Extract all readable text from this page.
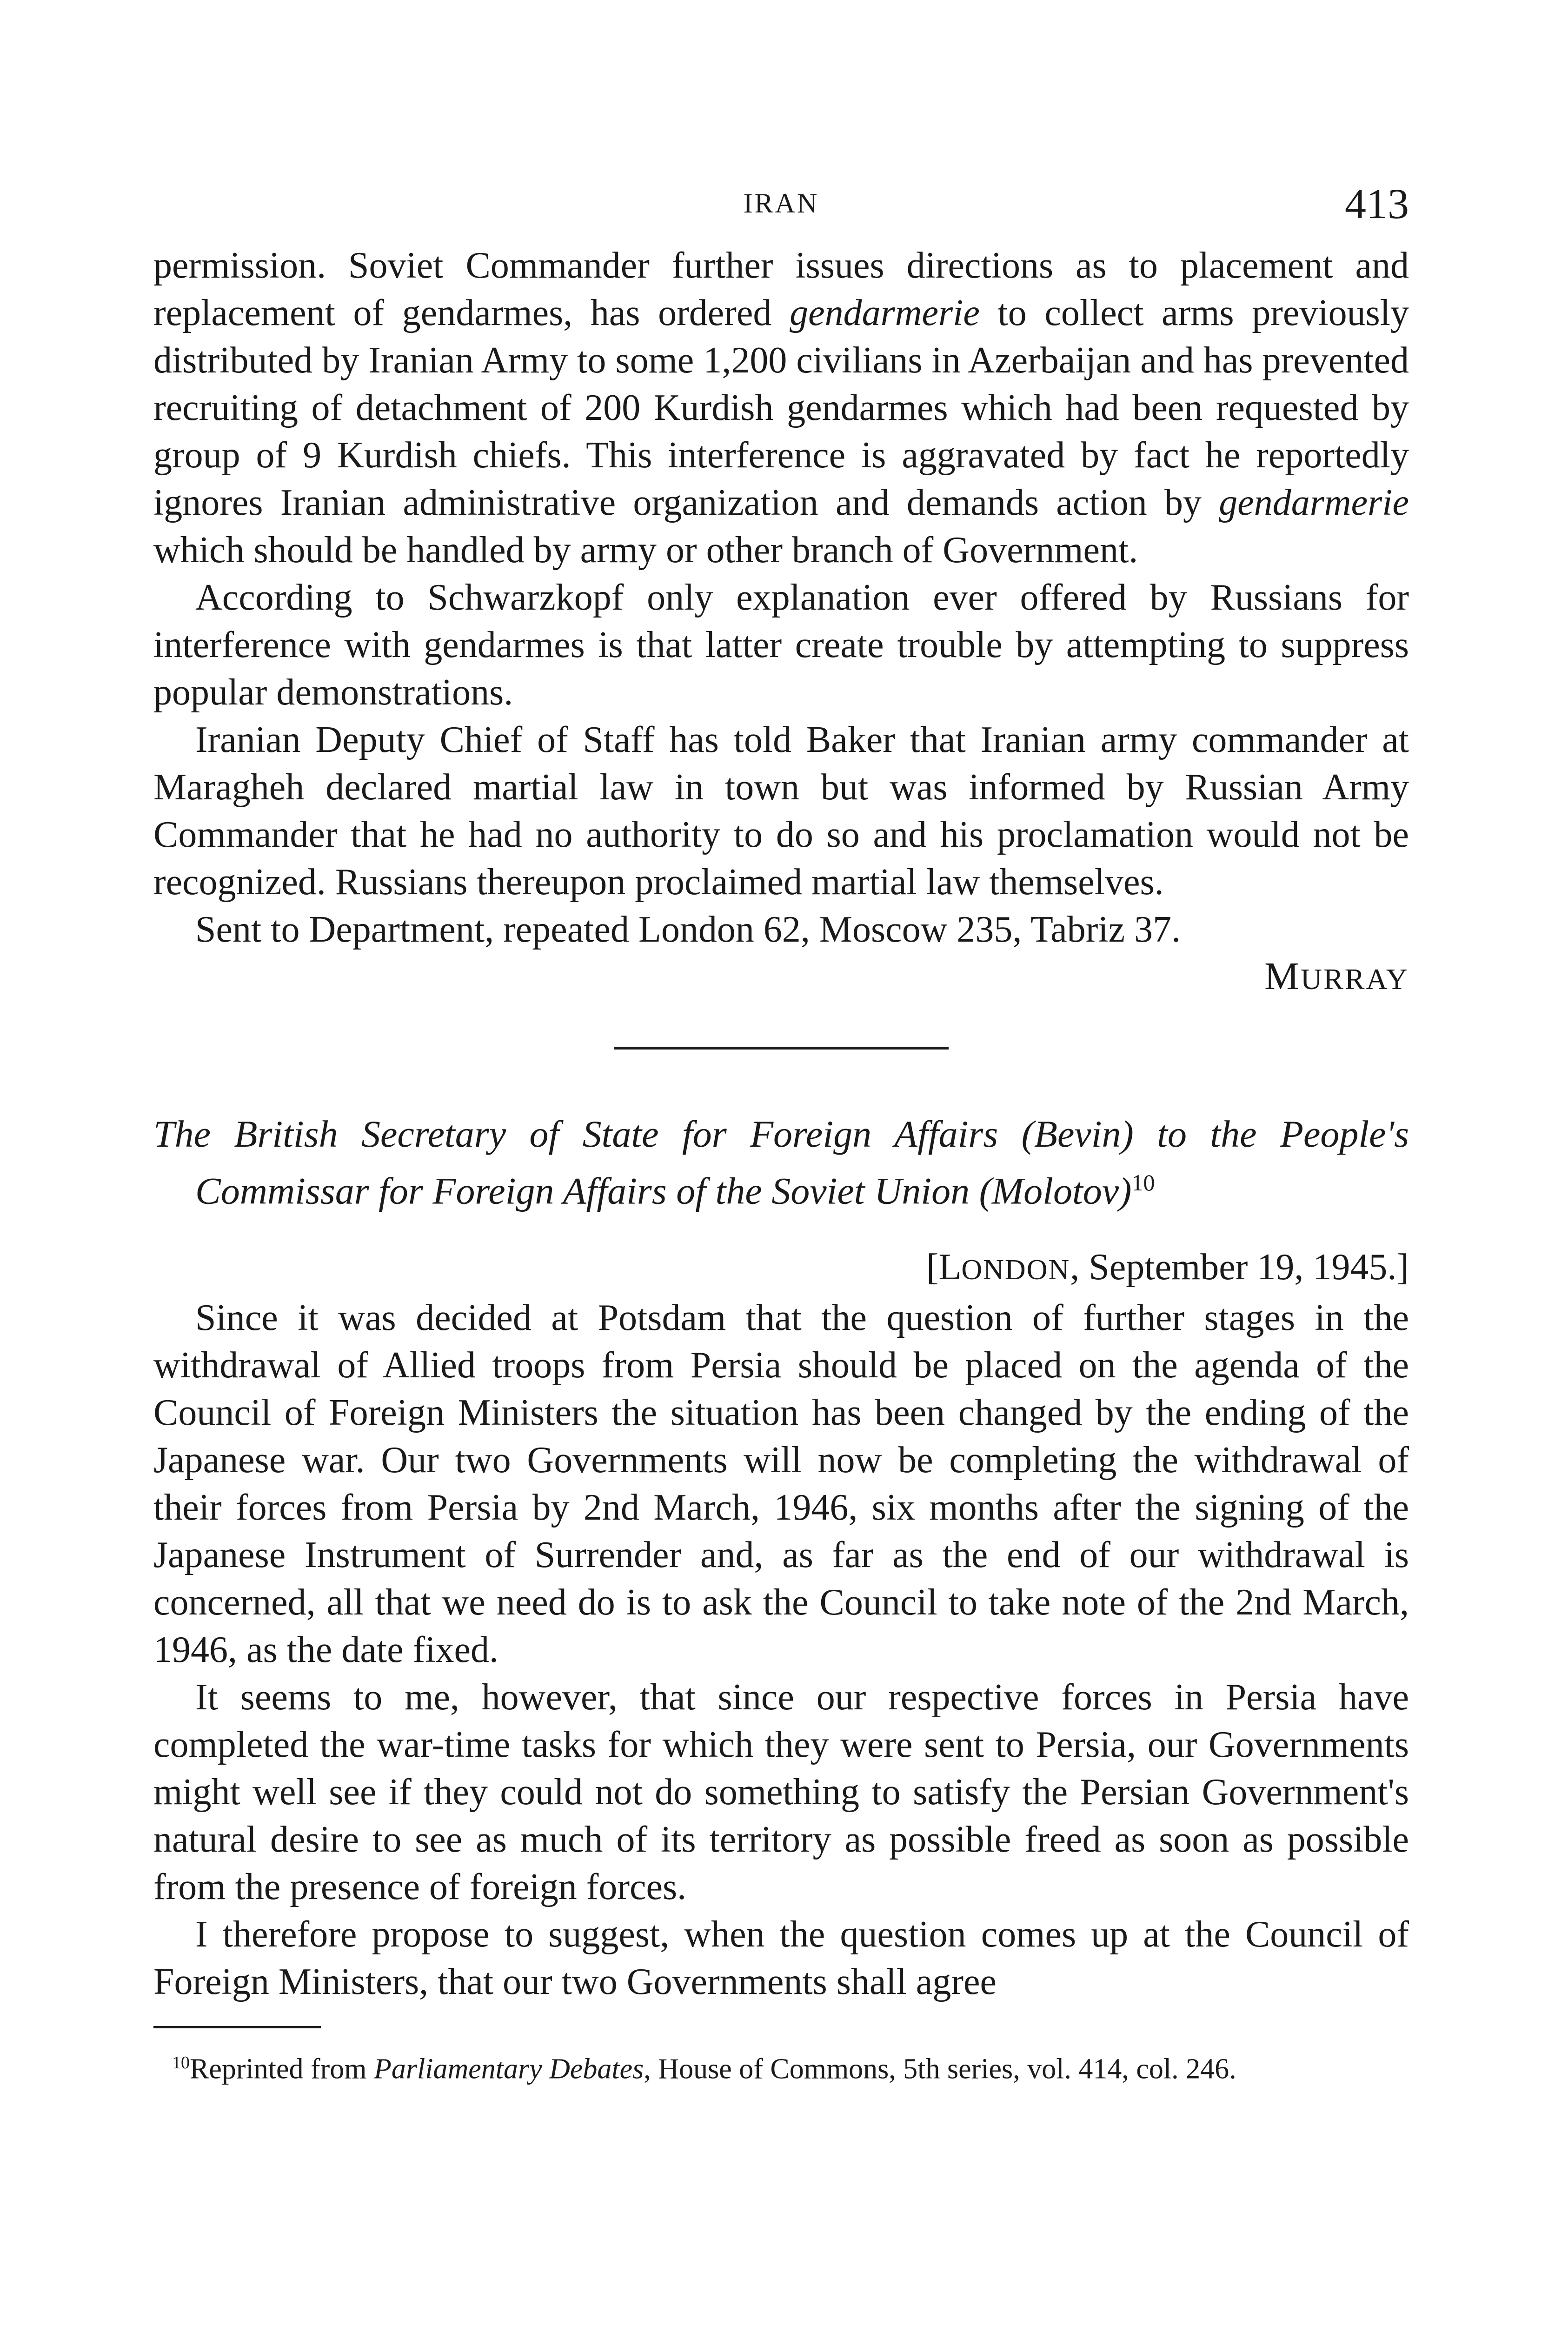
IRAN	413

permission. Soviet Commander further issues directions as to placement and replacement of gendarmes, has ordered gendarmerie to collect arms previously distributed by Iranian Army to some 1,200 civilians in Azerbaijan and has prevented recruiting of detachment of 200 Kurdish gendarmes which had been requested by group of 9 Kurdish chiefs. This interference is aggravated by fact he reportedly ignores Iranian administrative organization and demands action by gendarmerie which should be handled by army or other branch of Government.

According to Schwarzkopf only explanation ever offered by Russians for interference with gendarmes is that latter create trouble by attempting to suppress popular demonstrations.

Iranian Deputy Chief of Staff has told Baker that Iranian army commander at Maragheh declared martial law in town but was informed by Russian Army Commander that he had no authority to do so and his proclamation would not be recognized. Russians thereupon proclaimed martial law themselves.

Sent to Department, repeated London 62, Moscow 235, Tabriz 37.

MURRAY

The British Secretary of State for Foreign Affairs (Bevin) to the People's Commissar for Foreign Affairs of the Soviet Union (Molotov)$^{10}$

[LONDON, September 19, 1945.]

Since it was decided at Potsdam that the question of further stages in the withdrawal of Allied troops from Persia should be placed on the agenda of the Council of Foreign Ministers the situation has been changed by the ending of the Japanese war. Our two Governments will now be completing the withdrawal of their forces from Persia by 2nd March, 1946, six months after the signing of the Japanese Instrument of Surrender and, as far as the end of our withdrawal is concerned, all that we need do is to ask the Council to take note of the 2nd March, 1946, as the date fixed.

It seems to me, however, that since our respective forces in Persia have completed the war-time tasks for which they were sent to Persia, our Governments might well see if they could not do something to satisfy the Persian Government's natural desire to see as much of its territory as possible freed as soon as possible from the presence of foreign forces.

I therefore propose to suggest, when the question comes up at the Council of Foreign Ministers, that our two Governments shall agree

$^{10}$Reprinted from Parliamentary Debates, House of Commons, 5th series, vol. 414, col. 246.
